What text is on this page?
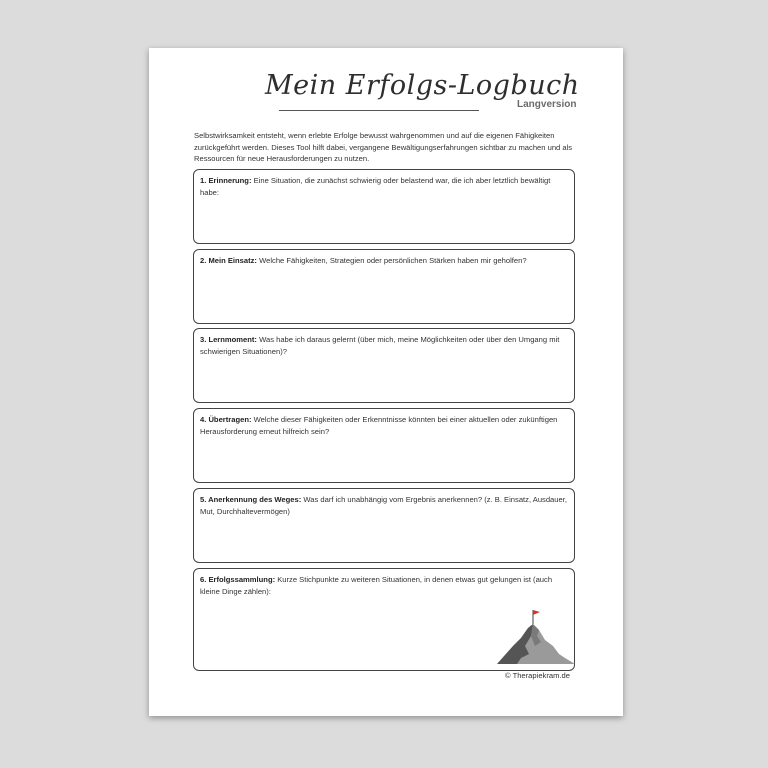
Mein Erfolgs-Logbuch
Langversion
Selbstwirksamkeit entsteht, wenn erlebte Erfolge bewusst wahrgenommen und auf die eigenen Fähigkeiten zurückgeführt werden. Dieses Tool hilft dabei, vergangene Bewältigungserfahrungen sichtbar zu machen und als Ressourcen für neue Herausforderungen zu nutzen.
1. Erinnerung: Eine Situation, die zunächst schwierig oder belastend war, die ich aber letztlich bewältigt habe:
2. Mein Einsatz: Welche Fähigkeiten, Strategien oder persönlichen Stärken haben mir geholfen?
3. Lernmoment: Was habe ich daraus gelernt (über mich, meine Möglichkeiten oder über den Umgang mit schwierigen Situationen)?
4. Übertragen: Welche dieser Fähigkeiten oder Erkenntnisse könnten bei einer aktuellen oder zukünftigen Herausforderung erneut hilfreich sein?
5. Anerkennung des Weges: Was darf ich unabhängig vom Ergebnis anerkennen? (z. B. Einsatz, Ausdauer, Mut, Durchhaltevermögen)
6. Erfolgssammlung: Kurze Stichpunkte zu weiteren Situationen, in denen etwas gut gelungen ist (auch kleine Dinge zählen):
© Therapiekram.de
